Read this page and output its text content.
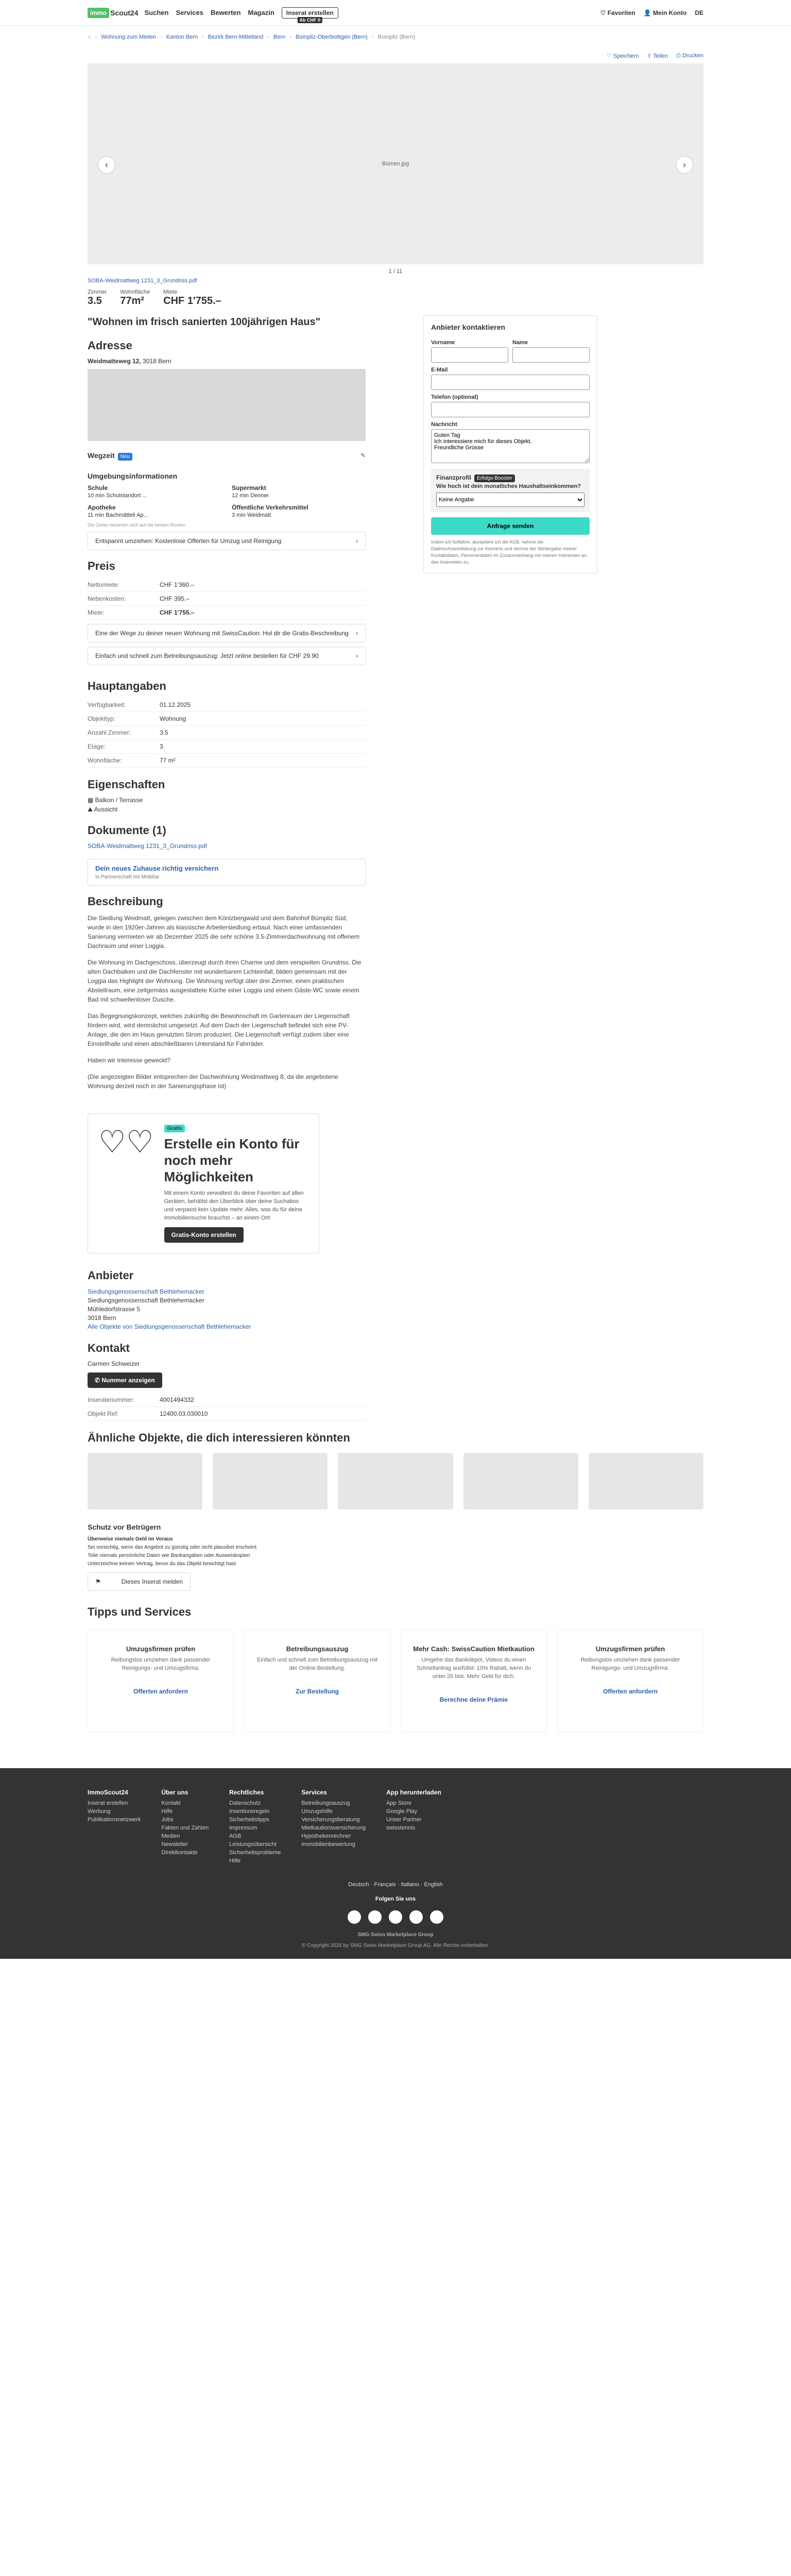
immo Scout24 Suchen Services Bewerten Magazin	Inserat erstellen
Ab CHF 0
♡ Favoriten 👤 Mein Konto DE
⌂ › Wohnung zum Mieten › Kanton Bern › Bezirk Bern-Mittelland › Bern › Bümpliz-Oberbottigen (Bern) › Bümpliz (Bern)
♡ Speichern ⇪ Teilen ⎙ Drucken
‹	Bümen.jpg	›
1 / 11
SOBA-Weidmattweg 1231_3_Grundriss.pdf
Zimmer
3.5
Wohnfläche
77m²
Miete
CHF 1'755.–
"Wohnen im frisch sanierten 100jährigen Haus"
Adresse
Weidmatteweg 12, 3018 Bern
Wegzeit Neu	✎
Umgebungsinformationen
Schule
10 min Schulstandort ...
Supermarkt
12 min Denner
Apotheke
11 min Bachmätteli Ap...
Öffentliche Verkehrsmittel
3 min Weidmatt
Die Zeiten beziehen sich auf die besten Routen.
Entspannt umziehen: Kostenlose Offerten für Umzug und Reinigung	›
Preis
Nettomiete:	CHF 1'360.–
Nebenkosten:	CHF 395.–
Miete:	CHF 1'755.–
Eine der Wege zu deiner neuen Wohnung mit SwissCaution: Hol dir die Gratis-Beschreibung ›
Einfach und schnell zum Betreibungsauszug: Jetzt online bestellen für CHF 29.90	›
Hauptangaben
Verfügbarkeit:	01.12.2025
Objekttyp:	Wohnung
Anzahl Zimmer:	3.5
Etage:	3
Wohnfläche:	77 m²
Eigenschaften
▦ Balkon / Terrasse
⛰ Aussicht
Dokumente (1)
SOBA-Weidmattweg 1231_3_Grundriss.pdf
Dein neues Zuhause richtig versichern
In Partnerschaft mit Mobiliar
Beschreibung

Die Siedlung Weidmatt, gelegen zwischen dem Könizbergwald und dem Bahnhof Bümpliz Süd, wurde in den 1920er-Jahren als klassische Arbeitersiedlung erbaut. Nach einer umfassenden Sanierung vermieten wir ab Dezember 2025 die sehr schöne 3.5-Zimmerdachwohnung mit offenem Dachraum und einer Loggia.

Die Wohnung im Dachgeschoss, überzeugt durch ihren Charme und dem verspielten Grundriss. Die alten Dachbalken und die Dachfenster mit wunderbarem Lichteinfall, bilden gemeinsam mit der Loggia das Highlight der Wohnung. Die Wohnung verfügt über drei Zimmer, einen praktischen Abstellraum, eine zeitgemäss ausgestattete Küche einer Loggia und einem Gäste-WC sowie einem Bad mit schwellenloser Dusche.

Das Begegnungskonzept, welches zukünftig die Bewohnschaft im Gartenraum der Liegenschaft fördern wird, wird demnächst umgesetzt. Auf dem Dach der Liegenschaft befindet sich eine PV-Anlage, die den im Haus genutzten Strom produziert. Die Liegenschaft verfügt zudem über eine Einstellhalle und einen abschließbaren Unterstand für Fahrräder.

Haben wir Interesse geweckt?

(Die angezeigten Bilder entsprechen der Dachwohnung Weidmattweg 8, da die angebotene Wohnung derzeit noch in der Sanierungsphase ist)

♡♡	Gratis
Erstelle ein Konto für noch mehr Möglichkeiten

Mit einem Konto verwaltest du deine Favoriten auf allen Geräten, behältst den Überblick über deine Suchabos und verpasst kein Update mehr. Alles, was du für deine Immobiliensuche brauchst – an einem Ort!

Gratis-Konto erstellen
Anbieter
Siedlungsgenossenschaft Bethlehemacker
Siedlungsgenossenschaft Bethlehemacker
Mühledorfstrasse 5
3018 Bern
Alle Objekte von Siedlungsgenossenschaft Bethlehemacker
Kontakt
Carmen Schweizer
✆ Nummer anzeigen
Inseratenummer:	4001494332
Objekt Ref:	12400.03.030010
Ähnliche Objekte, die dich interessieren könnten
Schutz vor Betrügern
Überweise niemals Geld im Voraus
Sei vorsichtig, wenn das Angebot zu günstig oder nicht plausibel erscheint
Teile niemals persönliche Daten wie Bankangaben oder Ausweiskopien
Unterzeichne keinen Vertrag, bevor du das Objekt besichtigt hast
⚑	Dieses Inserat melden
Tipps und Services
Umzugsfirmen prüfen

Reibungslos umziehen dank passender Reinigungs- und Umzugsfirma.

Offerten anfordern
Betreibungsauszug

Einfach und schnell zum Betreibungsauszug mit der Online-Bestellung.

Zur Bestellung
Mehr Cash: SwissCaution Mietkaution

Umgehe das Bankdepot, Videos du einen Schnellantrag ausfüllst: 10% Rabatt, wenn du unter 26 bist. Mehr Geld für dich.

Berechne deine Prämie
Umzugsfirmen prüfen

Reibungslos umziehen dank passender Reinigungs- und Umzugsfirma.

Offerten anfordern
Anbieter kontaktieren
Vorname	Name
E-Mail
Telefon (optional)
Nachricht
Guten Tag Ich interessiere mich für dieses Objekt. Freundliche Grüsse
Finanzprofil Erfolgs-Booster
Wie hoch ist dein monatliches Haushaltseinkommen?
Keine Angabe
Anfrage senden
Indem ich fortfahre, akzeptiere ich die AGB, nehme die Datenschutzerklärung zur Kenntnis und stimme der Weitergabe meiner Kontaktdaten, Personendaten im Zusammenhang mit meinen Interessen an den Inserenten zu.
ImmoScout24
Inserat erstellen
Werbung
Publikationsnetzwerk
Über uns
Kontakt
Hilfe
Jobs
Fakten und Zahlen
Medien
Newsletter
Direktkontakte
Rechtliches
Datenschutz
Insertionsregeln
Sicherheitstipps
Impressum
AGB
Leistungsübersicht
Sicherheitsprobleme
Hilfe
Services
Betreibungsauszug
Umzugshilfe
Versicherungsberatung
Mietkautionsversicherung
Hypothekenrechner
Immobilienbewertung
App herunterladen
App Store
Google Play
Unser Partner
swisstennis
Deutsch · Français · Italiano · English
Folgen Sie uns
SMG Swiss Marketplace Group
© Copyright 2025 by SMG Swiss Marketplace Group AG. Alle Rechte vorbehalten.
